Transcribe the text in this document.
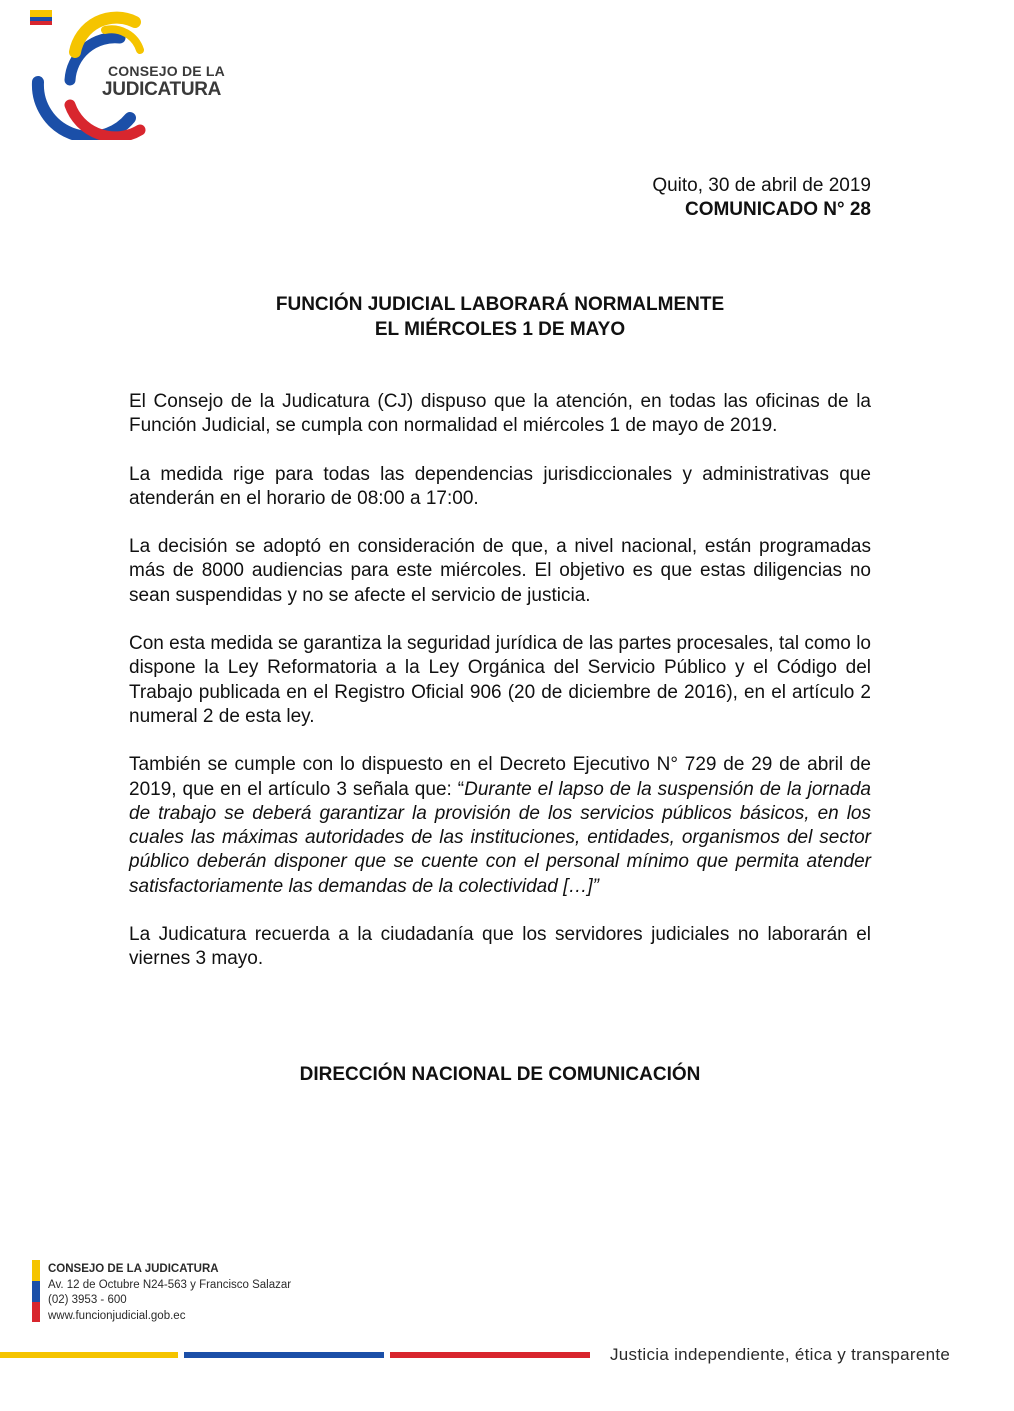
CONSEJO DE LA
JUDICATURA
Quito, 30 de abril de 2019
COMUNICADO N° 28
FUNCIÓN JUDICIAL LABORARÁ NORMALMENTE
EL MIÉRCOLES 1 DE MAYO

El Consejo de la Judicatura (CJ) dispuso que la atención, en todas las oficinas de la Función Judicial, se cumpla con normalidad el miércoles 1 de mayo de 2019.

La medida rige para todas las dependencias jurisdiccionales y administrativas que atenderán en el horario de 08:00 a 17:00.

La decisión se adoptó en consideración de que, a nivel nacional, están programadas más de 8000 audiencias para este miércoles. El objetivo es que estas diligencias no sean suspendidas y no se afecte el servicio de justicia.

Con esta medida se garantiza la seguridad jurídica de las partes procesales, tal como lo dispone la Ley Reformatoria a la Ley Orgánica del Servicio Público y el Código del Trabajo publicada en el Registro Oficial 906 (20 de diciembre de 2016), en el artículo 2 numeral 2 de esta ley.

También se cumple con lo dispuesto en el Decreto Ejecutivo N° 729 de 29 de abril de 2019, que en el artículo 3 señala que: “Durante el lapso de la suspensión de la jornada de trabajo se deberá garantizar la provisión de los servicios públicos básicos, en los cuales las máximas autoridades de las instituciones, entidades, organismos del sector público deberán disponer que se cuente con el personal mínimo que permita atender satisfactoriamente las demandas de la colectividad […]”

La Judicatura recuerda a la ciudadanía que los servidores judiciales no laborarán el viernes 3 mayo.

DIRECCIÓN NACIONAL DE COMUNICACIÓN
CONSEJO DE LA JUDICATURA
Av. 12 de Octubre N24-563 y Francisco Salazar
(02) 3953 - 600
www.funcionjudicial.gob.ec
Justicia independiente, ética y transparente
